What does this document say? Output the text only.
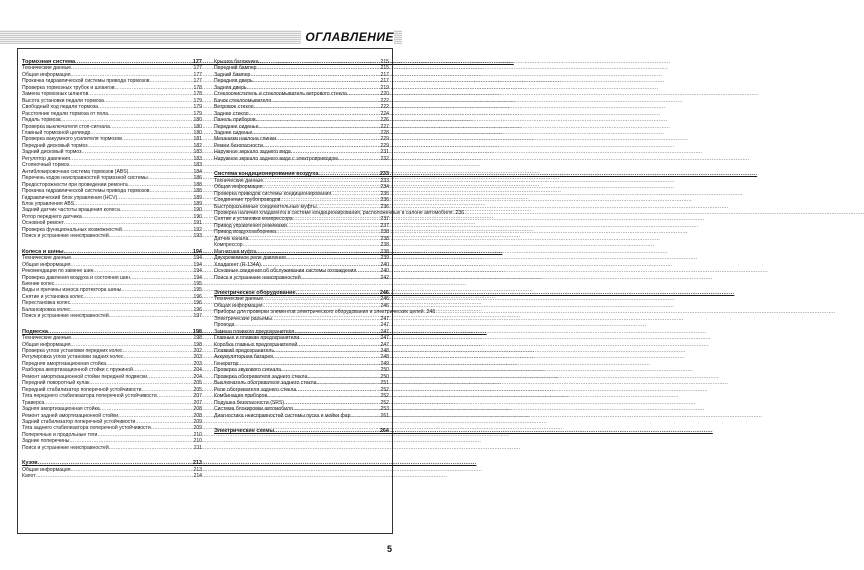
ОГЛАВЛЕНИЕ
Тормозная система .....	177
Технические данные .....	177
Общая информация .....	177
Прокачка гидравлической системы привода тормозов .....	177
Проверка тормозных трубок и шлангов .....	178
Замена тормозных шлангов .....	178
Высота установки педали тормоза .....	179
Свободный ход педали тормоза .....	179
Расстояние педали тормоза от пола .....	179
Педаль тормоза .....	180
Проверка выключателя стоп-сигнала .....	180
Главный тормозной цилиндр .....	180
Проверка вакуумного усилителя тормозов .....	181
Передний дисковый тормоз .....	182
Задний дисковый тормоз .....	183
Регулятор давления .....	183
Стояночный тормоз .....	183
Антиблокировочная система тормозов (ABS) .....	184
Перечень кодов неисправностей тормозной системы .....	186
Предосторожности при проведении ремонта .....	188
Прокачка гидравлической системы привода тормозов .....	188
Гидравлический блок управления (HCV) .....	189
Блок управления ABS .....	189
Задний датчик частоты вращения колеса .....	190
Ротор переднего датчика .....	190
Основной ремонт .....	191
Проверка функциональных возможностей .....	192
Поиск и устранение неисправностей .....	193
Колеса и шины .....	194
Технические данные .....	194
Общая информация .....	194
Рекомендации по замене шин .....	194
Проверка давления воздуха и состояния шин .....	194
Биение колес .....	195
Виды и причины износа протектора шины .....	195
Снятие и установка колес .....	196
Перестановка колес .....	196
Балансировка колес .....	196
Поиск и устранение неисправностей .....	197
Подвеска .....	198
Технические данные .....	198
Общая информация .....	198
Проверка углов установки передних колес .....	202
Регулировка углов установки задних колес .....	203
Передняя амортизационная стойка .....	203
Разборка амортизационной стойки с пружиной .....	204
Ремонт амортизационной стойки передней подвески .....	204
Передний поворотный кулак .....	205
Передний стабилизатор поперечной устойчивости .....	205
Тяга переднего стабилизатора поперечной устойчивости .....	207
Траверса .....	207
Задняя амортизационная стойка .....	208
Ремонт задней амортизационной стойки .....	208
Задний стабилизатор поперечной устойчивости .....	209
Тяга заднего стабилизатора поперечной устойчивости .....	209
Поперечные и продольные тяги .....	210
Задние поперечины .....	210
Поиск и устранение неисправностей .....	211
Кузов .....	213
Общая информация .....	213
Капот .....	214
Крышка багажника .....	215
Передний бампер .....	215
Задний бампер .....	217
Передняя дверь .....	217
Задняя дверь .....	219
Стеклоочиститель и стеклоомыватель ветрового стекла .....	220
Бачок стеклоомывателя .....	222
Ветровое стекло .....	222
Заднее стекло .....	224
Панель приборов .....	226
Переднее сиденье .....	227
Заднее сиденье .....	228
Механизм наклона спинки .....	229
Ремни безопасности .....	229
Наружное зеркало заднего вида .....	231
Наружное зеркало заднего вида с электроприводом .....	232
Система кондиционирования воздуха .....	233
Технические данные .....	233
Общая информация .....	234
Проверка приводов системы кондиционирования .....	235
Соединение трубопроводов .....	236
Быстроразъемные соединительные муфты .....	236
Проверка наличия хладагента в системе кондиционирования, расположенных в салоне автомобиля ..... 236
Снятие и установка компрессора .....	237
Привод управления режимами .....	237
Привод воздухозаборника .....	238
Датчик канала .....	238
Компрессор .....	238
Магнитная муфта .....	238
Двухрежимное реле давления .....	239
Хладагент (R-134A) .....	240
Основные сведения об обслуживании системы охлаждения .....	240
Поиск и устранение неисправностей .....	242
Электрическое оборудование .....	246
Технические данные .....	246
Общая информация .....	246
Приборы для проверки элементов электрического оборудования и электрических цепей ..... 246
Электрические разъемы .....	247
Провода .....	247
Замена плавкого предохранителя .....	247
Главные и плавкие предохранители .....	247
Коробка главных предохранителей .....	247
Плавкий предохранитель .....	248
Аккумуляторная батарея .....	248
Генератор .....	249
Проверка звукового сигнала .....	250
Проверка обогревателя заднего стекла .....	250
Выключатель обогревателя заднего стекла .....	251
Реле обогревателя заднего стекла .....	252
Комбинация приборов .....	252
Подушка безопасности (SRS) .....	252
Система блокировки автомобиля .....	253
Диагностика неисправностей системы пуска и мойки фар .....	261
Электрические схемы .....	264
5
